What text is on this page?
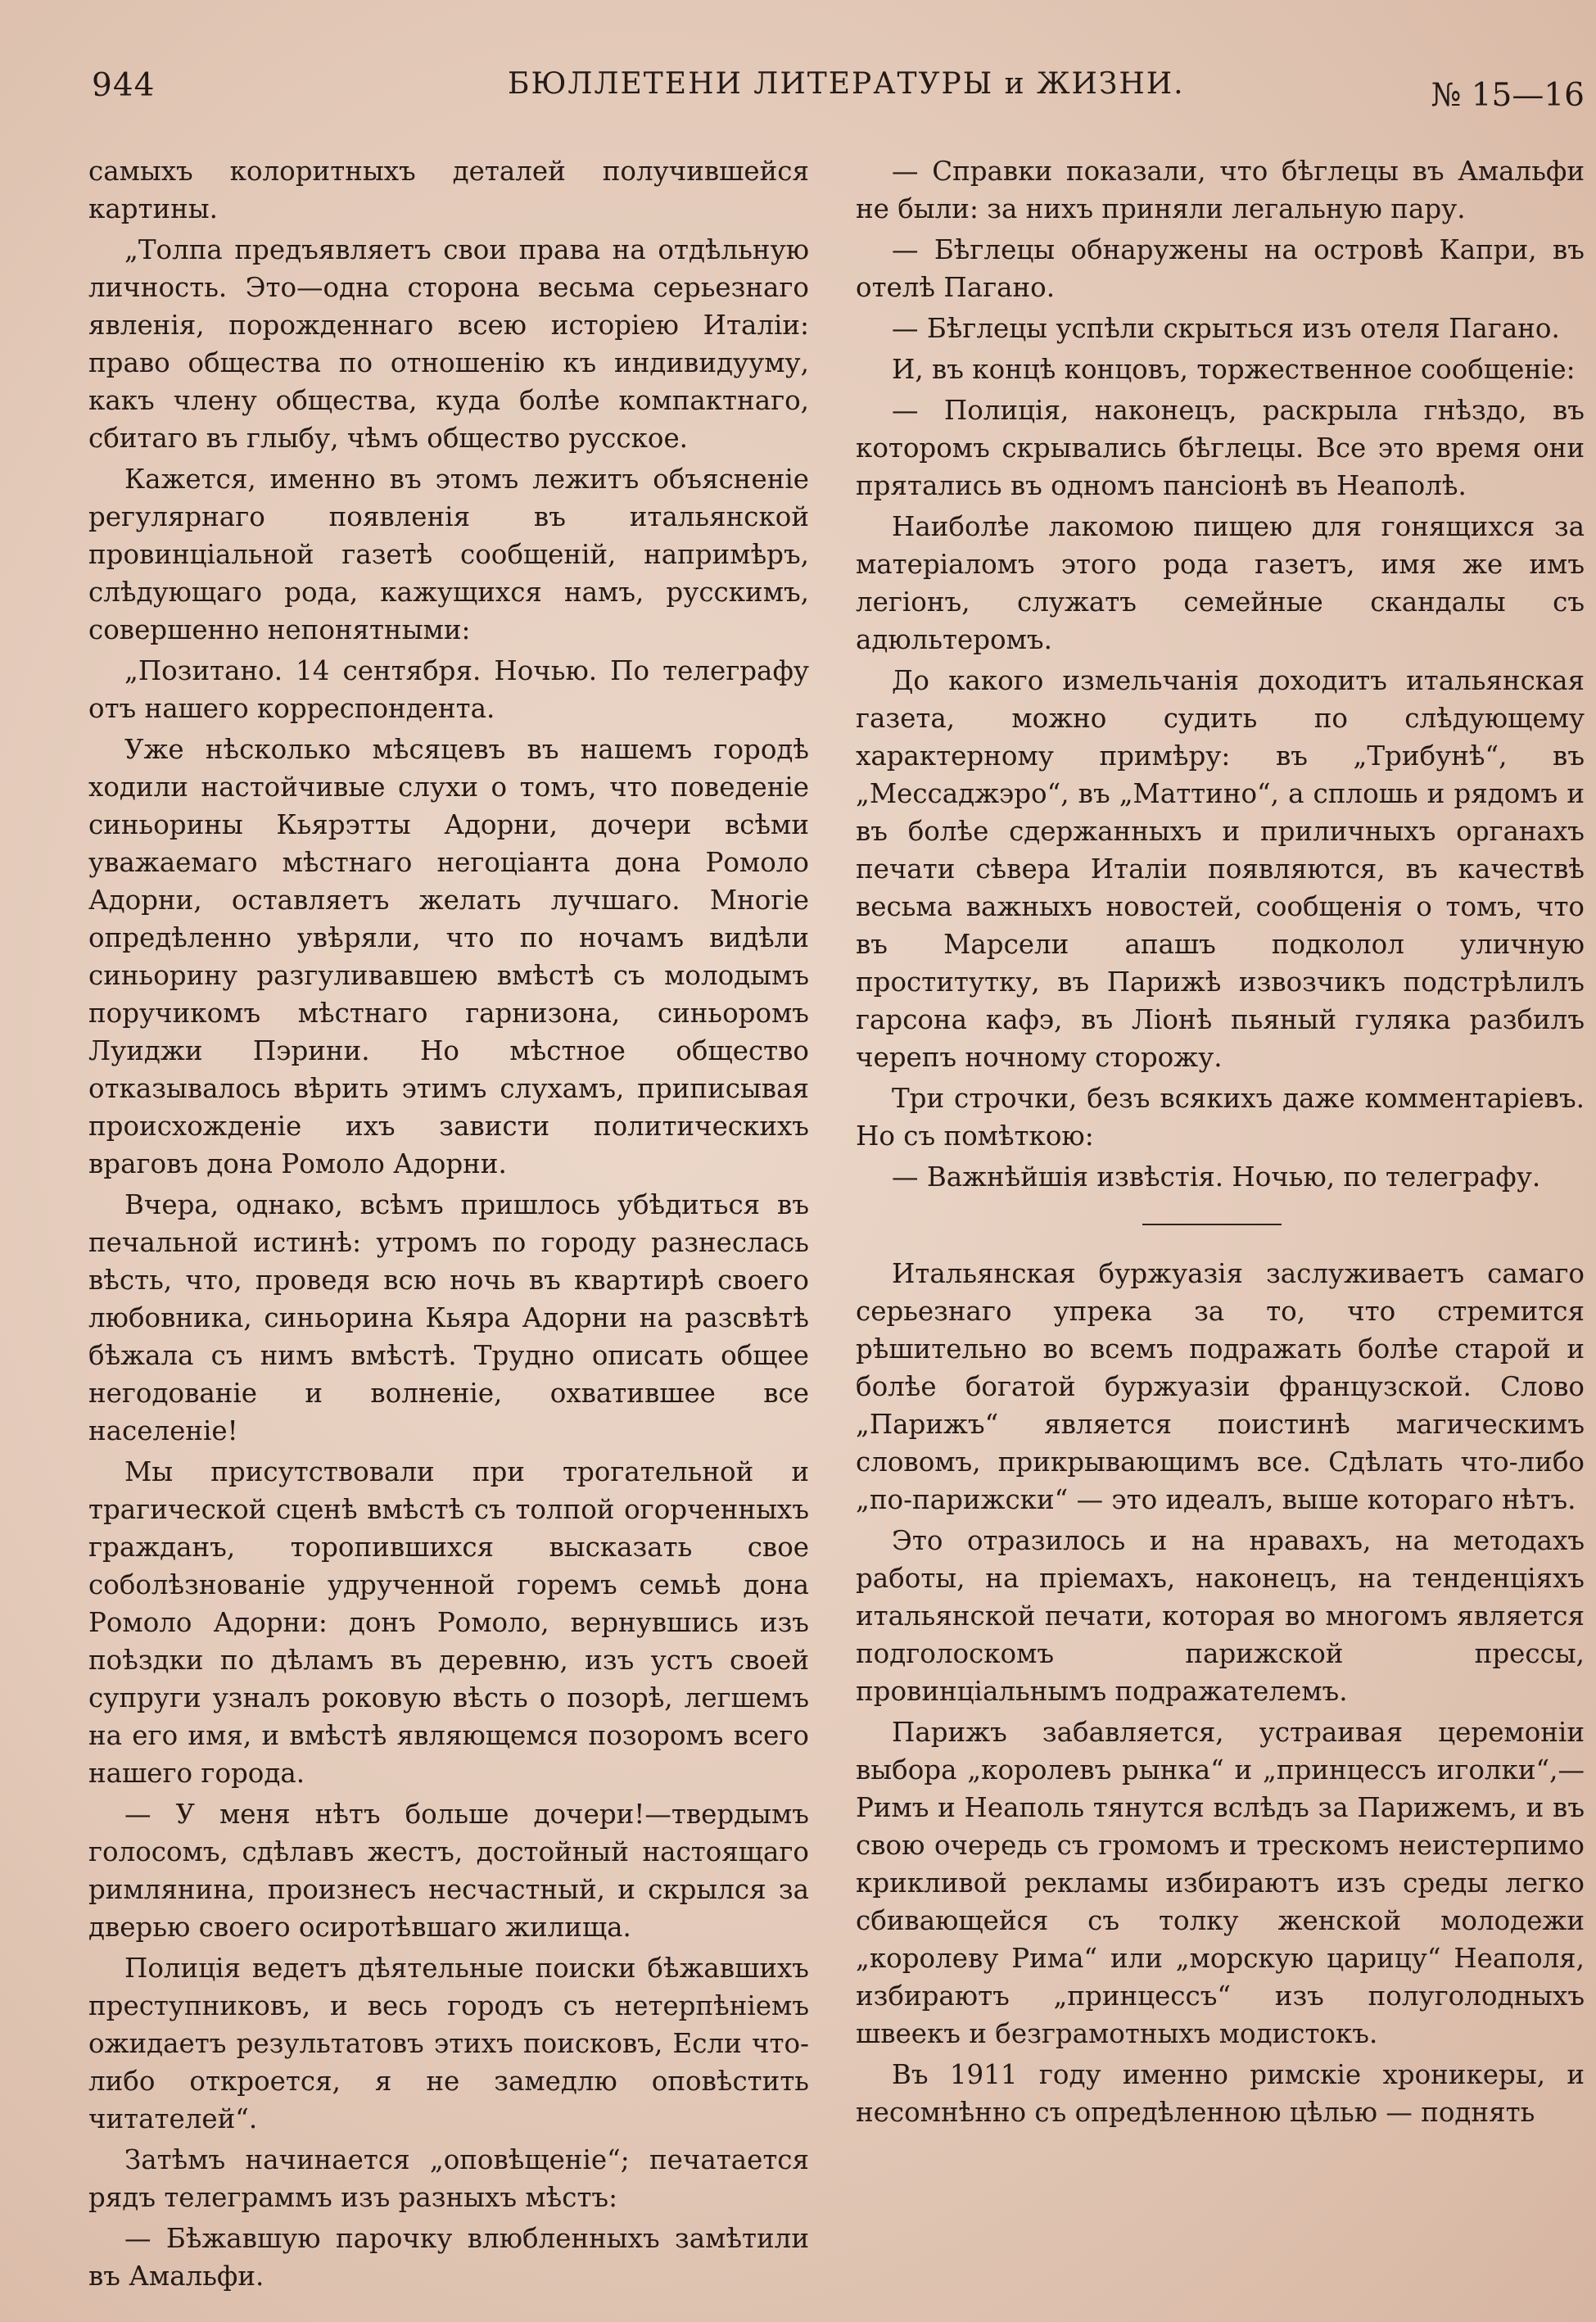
944	БЮЛЛЕТЕНИ ЛИТЕРАТУРЫ и ЖИЗНИ.	№ 15—16

самыхъ колоритныхъ деталей получившейся картины.

„Толпа предъявляетъ свои права на отдѣльную личность. Это—одна сторона весьма серьезнаго явленія, порожденнаго всею исторіею Италіи: право общества по отношенію къ индивидууму, какъ члену общества, куда болѣе компактнаго, сбитаго въ глыбу, чѣмъ общество русское.

Кажется, именно въ этомъ лежитъ объясненіе регулярнаго появленія въ итальянской провинціальной газетѣ сообщеній, напримѣръ, слѣдующаго рода, кажущихся намъ, русскимъ, совершенно непонятными:

„Позитано. 14 сентября. Ночью. По телеграфу отъ нашего корреспондента.

Уже нѣсколько мѣсяцевъ въ нашемъ городѣ ходили настойчивые слухи о томъ, что поведеніе синьорины Кьярэтты Адорни, дочери всѣми уважаемаго мѣстнаго негоціанта дона Ромоло Адорни, оставляетъ желать лучшаго. Многіе опредѣленно увѣряли, что по ночамъ видѣли синьорину разгуливавшею вмѣстѣ съ молодымъ поручикомъ мѣстнаго гарнизона, синьоромъ Луиджи Пэрини. Но мѣстное общество отказывалось вѣрить этимъ слухамъ, приписывая происхожденіе ихъ зависти политическихъ враговъ дона Ромоло Адорни.

Вчера, однако, всѣмъ пришлось убѣдиться въ печальной истинѣ: утромъ по городу разнеслась вѣсть, что, проведя всю ночь въ квартирѣ своего любовника, синьорина Кьяра Адорни на разсвѣтѣ бѣжала съ нимъ вмѣстѣ. Трудно описать общее негодованіе и волненіе, охватившее все населеніе!

Мы присутствовали при трогательной и трагической сценѣ вмѣстѣ съ толпой огорченныхъ гражданъ, торопившихся высказать свое соболѣзнованіе удрученной горемъ семьѣ дона Ромоло Адорни: донъ Ромоло, вернувшись изъ поѣздки по дѣламъ въ деревню, изъ устъ своей супруги узналъ роковую вѣсть о позорѣ, легшемъ на его имя, и вмѣстѣ являющемся позоромъ всего нашего города.

— У меня нѣтъ больше дочери!—твердымъ голосомъ, сдѣлавъ жестъ, достойный настоящаго римлянина, произнесъ несчастный, и скрылся за дверью своего осиротѣвшаго жилища.

Полиція ведетъ дѣятельные поиски бѣжавшихъ преступниковъ, и весь городъ съ нетерпѣніемъ ожидаетъ результатовъ этихъ поисковъ, Если что-либо откроется, я не замедлю оповѣстить читателей“.

Затѣмъ начинается „оповѣщеніе“; печатается рядъ телеграммъ изъ разныхъ мѣстъ:

— Бѣжавшую парочку влюбленныхъ замѣтили въ Амальфи.

— Справки показали, что бѣглецы въ Амальфи не были: за нихъ приняли легальную пару.

— Бѣглецы обнаружены на островѣ Капри, въ отелѣ Пагано.

— Бѣглецы успѣли скрыться изъ отеля Пагано.

И, въ концѣ концовъ, торжественное сообщеніе:

— Полиція, наконецъ, раскрыла гнѣздо, въ которомъ скрывались бѣглецы. Все это время они прятались въ одномъ пансіонѣ въ Неаполѣ.

Наиболѣе лакомою пищею для гонящихся за матеріаломъ этого рода газетъ, имя же имъ легіонъ, служатъ семейные скандалы съ адюльтеромъ.

До какого измельчанія доходитъ итальянская газета, можно судить по слѣдующему характерному примѣру: въ „Трибунѣ“, въ „Мессаджэро“, въ „Маттино“, а сплошь и рядомъ и въ болѣе сдержанныхъ и приличныхъ органахъ печати сѣвера Италіи появляются, въ качествѣ весьма важныхъ новостей, сообщенія о томъ, что въ Марсели апашъ подколол уличную проститутку, въ Парижѣ извозчикъ подстрѣлилъ гарсона кафэ, въ Ліонѣ пьяный гуляка разбилъ черепъ ночному сторожу.

Три строчки, безъ всякихъ даже комментаріевъ. Но съ помѣткою:

— Важнѣйшія извѣстія. Ночью, по телеграфу.

Итальянская буржуазія заслуживаетъ самаго серьезнаго упрека за то, что стремится рѣшительно во всемъ подражать болѣе старой и болѣе богатой буржуазіи французской. Слово „Парижъ“ является поистинѣ магическимъ словомъ, прикрывающимъ все. Сдѣлать что-либо „по-парижски“ — это идеалъ, выше котораго нѣтъ.

Это отразилось и на нравахъ, на методахъ работы, на пріемахъ, наконецъ, на тенденціяхъ итальянской печати, которая во многомъ является подголоскомъ парижской прессы, провинціальнымъ подражателемъ.

Парижъ забавляется, устраивая церемоніи выбора „королевъ рынка“ и „принцессъ иголки“,—Римъ и Неаполь тянутся вслѣдъ за Парижемъ, и въ свою очередь съ громомъ и трескомъ неистерпимо крикливой рекламы избираютъ изъ среды легко сбивающейся съ толку женской молодежи „королеву Рима“ или „морскую царицу“ Неаполя, избираютъ „принцессъ“ изъ полуголодныхъ швеекъ и безграмотныхъ модистокъ.

Въ 1911 году именно римскіе хроникеры, и несомнѣнно съ опредѣленною цѣлью — поднять
